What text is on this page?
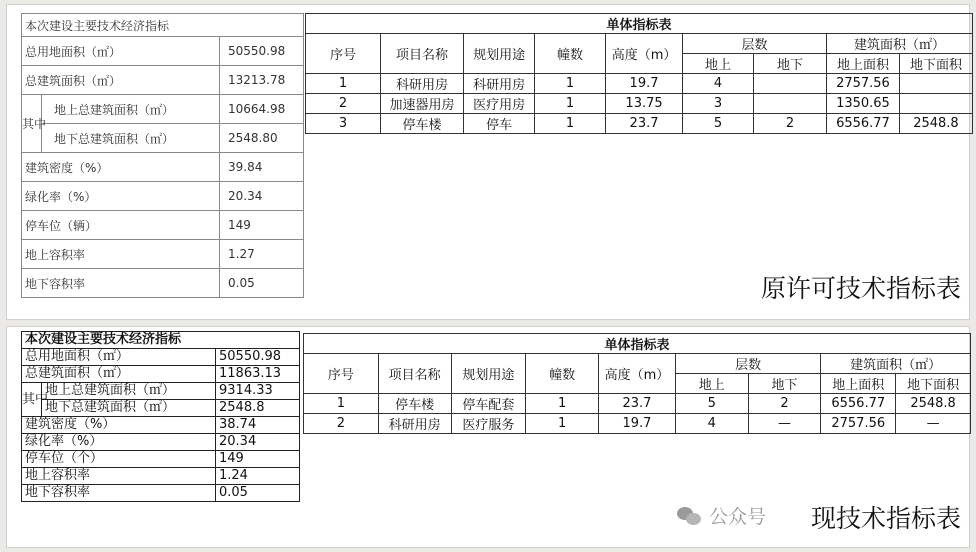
本次建设主要技术经济指标		
总用地面积（㎡）		50550.98
总建筑面积（㎡）		13213.78
其中	地上总建筑面积（㎡）	10664.98
	地下总建筑面积（㎡）	2548.80
建筑密度（%）		39.84
绿化率（%）		20.34
停车位（辆）		149
地上容积率		1.27
地下容积率		0.05
单体指标表								
序号	项目名称	规划用途	幢数	高度（m）	层数		建筑面积（㎡）	
					地上	地下	地上面积	地下面积
1	科研用房	科研用房	1	19.7	4		2757.56	
2	加速器用房	医疗用房	1	13.75	3		1350.65	
3	停车楼	停车	1	23.7	5	2	6556.77	2548.8
原许可技术指标表
本次建设主要技术经济指标		
总用地面积（㎡）		50550.98
总建筑面积（㎡）		11863.13
其中	地上总建筑面积（㎡）	9314.33
	地下总建筑面积（㎡）	2548.8
建筑密度（%）		38.74
绿化率（%）		20.34
停车位（个）		149
地上容积率		1.24
地下容积率		0.05
单体指标表								
序号	项目名称	规划用途	幢数	高度（m）	层数		建筑面积（㎡）	
					地上	地下	地上面积	地下面积
1	停车楼	停车配套	1	23.7	5	2	6556.77	2548.8
2	科研用房	医疗服务	1	19.7	4	—	2757.56	—
公众号 现技术指标表
